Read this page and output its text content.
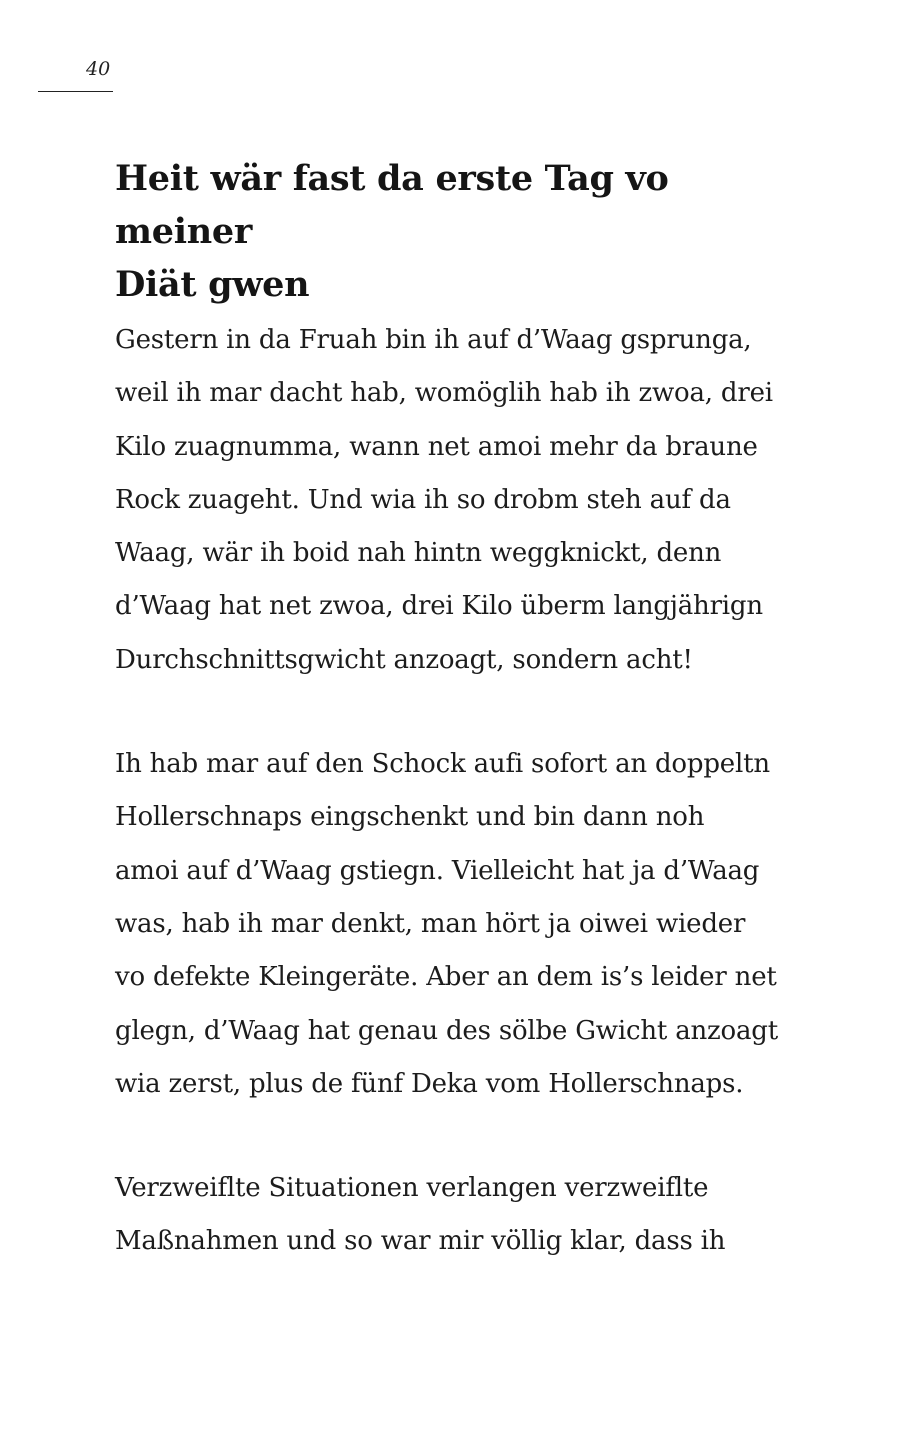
40
Heit wär fast da erste Tag vo meiner
Diät gwen
Gestern in da Fruah bin ih auf d’Waag gsprunga,
weil ih mar dacht hab, womöglih hab ih zwoa, drei
Kilo zuagnumma, wann net amoi mehr da braune
Rock zuageht. Und wia ih so drobm steh auf da
Waag, wär ih boid nah hintn weggknickt, denn
d’Waag hat net zwoa, drei Kilo überm langjährign
Durchschnittsgwicht anzoagt, sondern acht!
Ih hab mar auf den Schock aufi sofort an doppeltn
Hollerschnaps eingschenkt und bin dann noh
amoi auf d’Waag gstiegn. Vielleicht hat ja d’Waag
was, hab ih mar denkt, man hört ja oiwei wieder
vo defekte Kleingeräte. Aber an dem is’s leider net
glegn, d’Waag hat genau des sölbe Gwicht anzoagt
wia zerst, plus de fünf Deka vom Hollerschnaps.
Verzweiflte Situationen verlangen verzweiflte
Maßnahmen und so war mir völlig klar, dass ih
